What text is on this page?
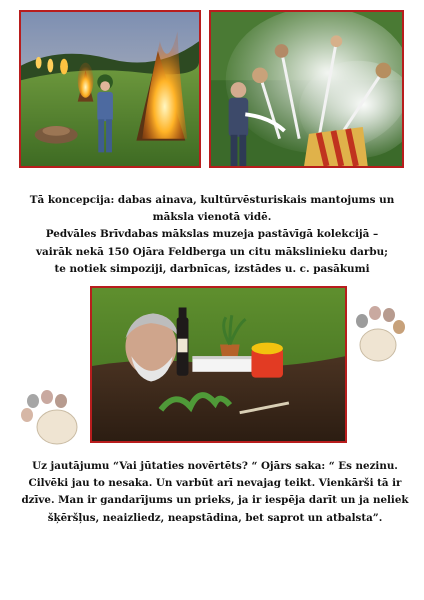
Tā koncepcija: dabas ainava, kultūrvēsturiskais mantojums un

māksla vienotā vidē.

Pedvāles Brīvdabas mākslas muzeja pastāvīgā kolekcijā –

vairāk nekā 150 Ojāra Feldberga un citu mākslinieku darbu;

te notiek simpoziji, darbnīcas, izstādes u. c. pasākumi

Uz jautājumu “Vai jūtaties novērtēts? “ Ojārs saka: “ Es nezinu.

Cilvēki jau to nesaka. Un varbūt arī nevajag teikt. Vienkārši tā ir

dzīve. Man ir gandarījums un prieks, ja ir iespēja darīt un ja neliek

šķēršļus, neaizliedz, neapstādina, bet saprot un atbalsta”.
